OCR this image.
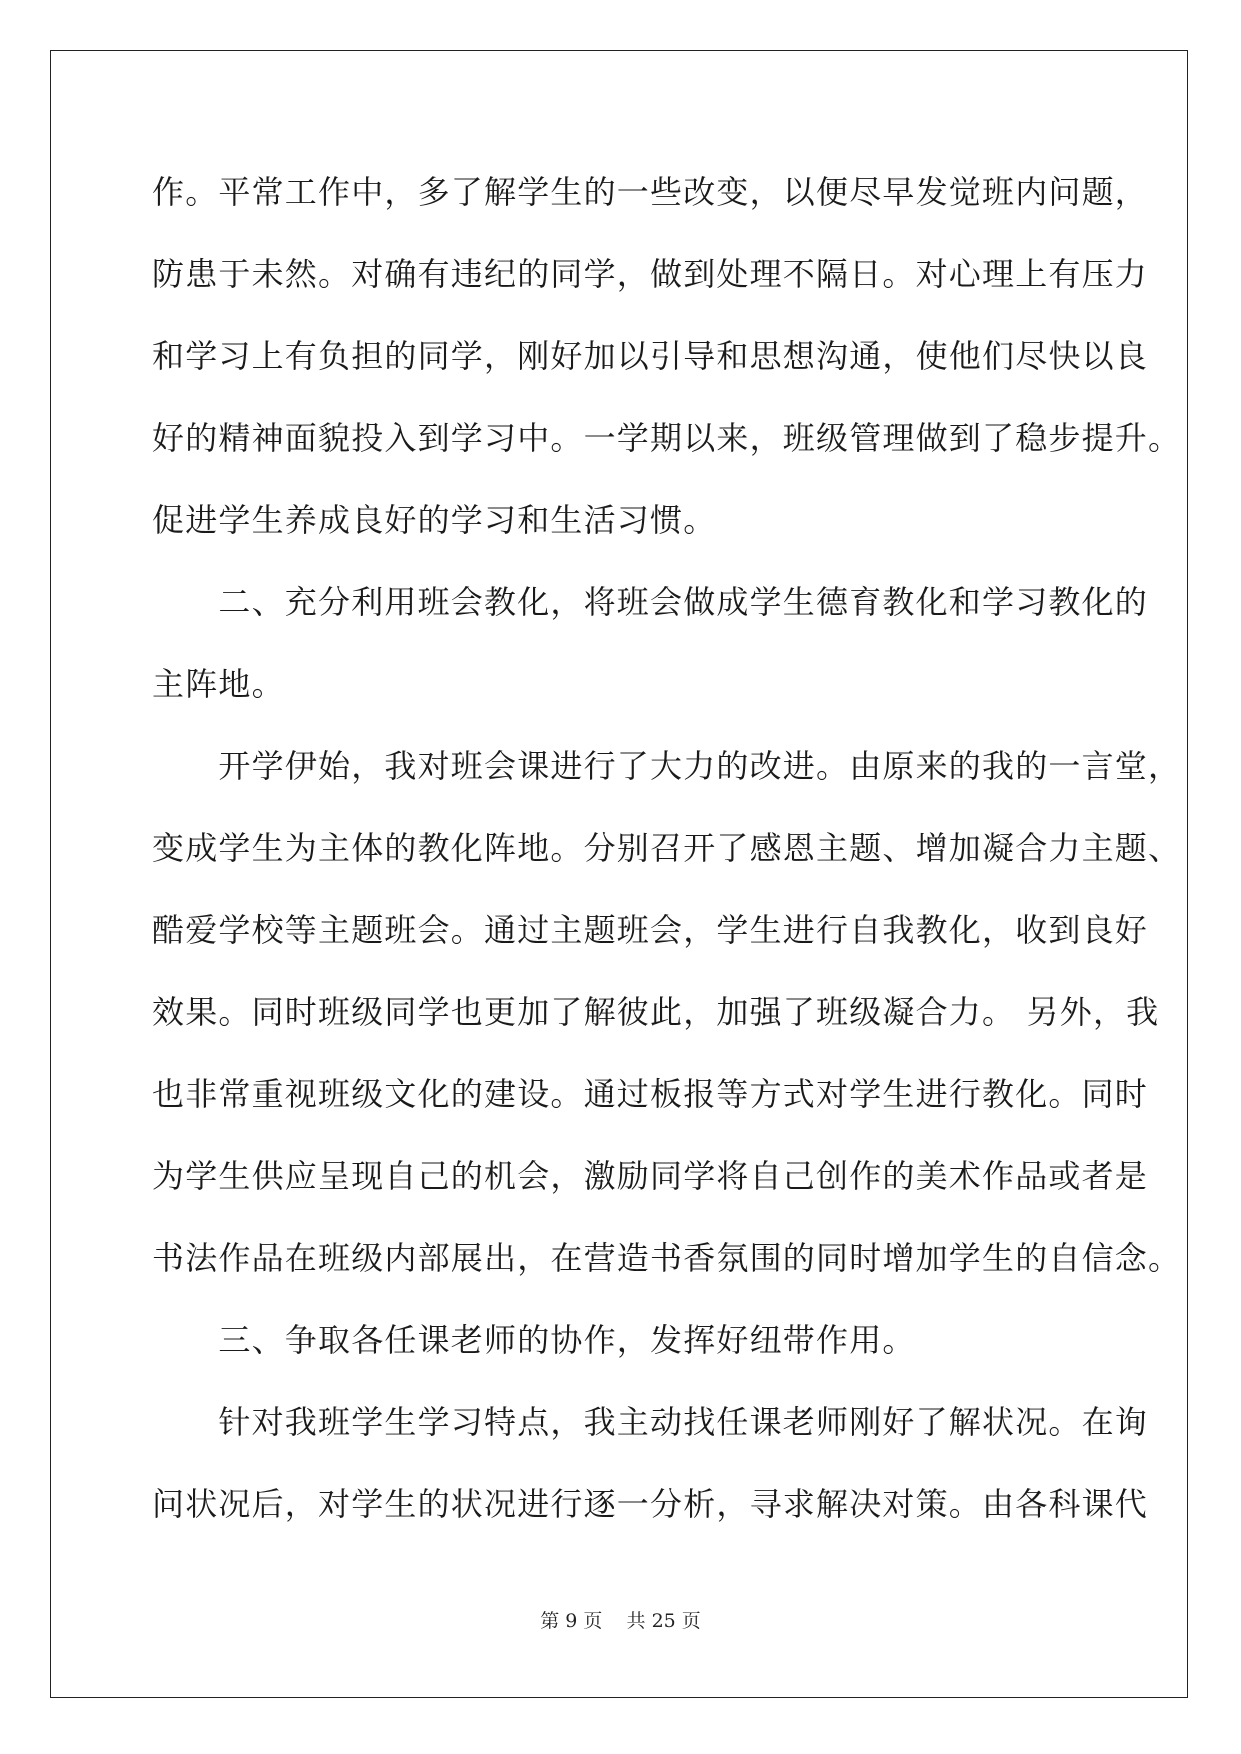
作。平常工作中，多了解学生的一些改变，以便尽早发觉班内问题，
防患于未然。对确有违纪的同学，做到处理不隔日。对心理上有压力
和学习上有负担的同学，刚好加以引导和思想沟通，使他们尽快以良
好的精神面貌投入到学习中。一学期以来，班级管理做到了稳步提升。
促进学生养成良好的学习和生活习惯。
　　二、充分利用班会教化，将班会做成学生德育教化和学习教化的
主阵地。
　　开学伊始，我对班会课进行了大力的改进。由原来的我的一言堂，
变成学生为主体的教化阵地。分别召开了感恩主题、增加凝合力主题、
酷爱学校等主题班会。通过主题班会，学生进行自我教化，收到良好
效果。同时班级同学也更加了解彼此，加强了班级凝合力。 另外，我
也非常重视班级文化的建设。通过板报等方式对学生进行教化。同时
为学生供应呈现自己的机会，激励同学将自己创作的美术作品或者是
书法作品在班级内部展出，在营造书香氛围的同时增加学生的自信念。
　　三、争取各任课老师的协作，发挥好纽带作用。
　　针对我班学生学习特点，我主动找任课老师刚好了解状况。在询
问状况后，对学生的状况进行逐一分析，寻求解决对策。由各科课代
第 9 页 共 25 页
